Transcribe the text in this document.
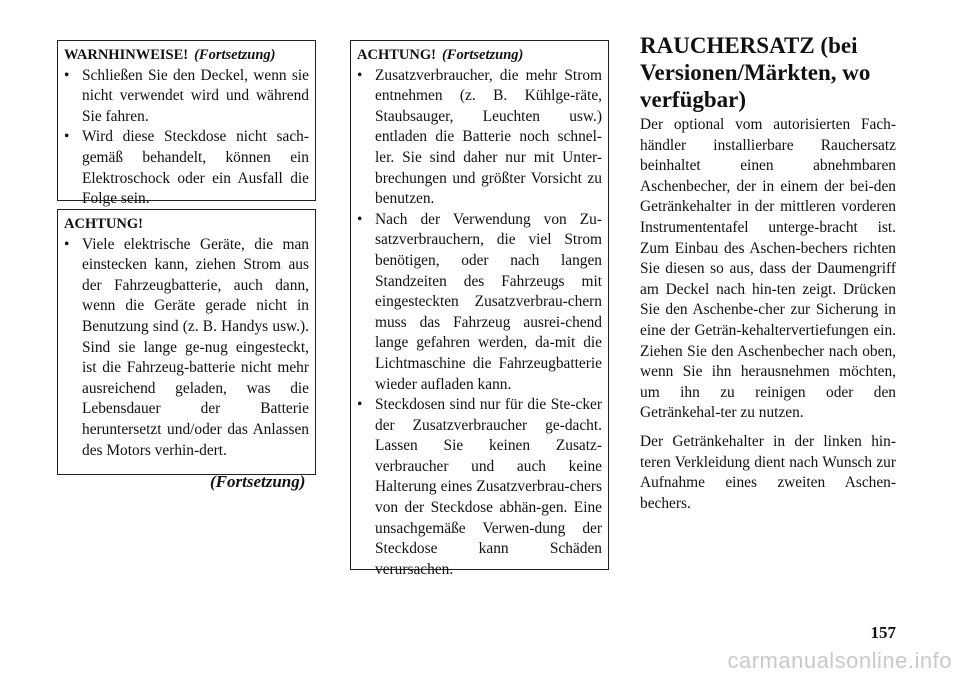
WARNHINWEISE! (Fortsetzung)
• Schließen Sie den Deckel, wenn sie nicht verwendet wird und während Sie fahren.
• Wird diese Steckdose nicht sach-gemäß behandelt, können ein Elektroschock oder ein Ausfall die Folge sein.
ACHTUNG!
• Viele elektrische Geräte, die man einstecken kann, ziehen Strom aus der Fahrzeugbatterie, auch dann, wenn die Geräte gerade nicht in Benutzung sind (z. B. Handys usw.). Sind sie lange ge-nug eingesteckt, ist die Fahrzeug-batterie nicht mehr ausreichend geladen, was die Lebensdauer der Batterie heruntersetzt und/oder das Anlassen des Motors verhin-dert.
(Fortsetzung)
ACHTUNG! (Fortsetzung)
• Zusatzverbraucher, die mehr Strom entnehmen (z. B. Kühlge-räte, Staubsauger, Leuchten usw.) entladen die Batterie noch schnel-ler. Sie sind daher nur mit Unter-brechungen und größter Vorsicht zu benutzen.
• Nach der Verwendung von Zu-satzverbrauchern, die viel Strom benötigen, oder nach langen Standzeiten des Fahrzeugs mit eingesteckten Zusatzverbrau-chern muss das Fahrzeug ausrei-chend lange gefahren werden, da-mit die Lichtmaschine die Fahrzeugbatterie wieder aufladen kann.
• Steckdosen sind nur für die Ste-cker der Zusatzverbraucher ge-dacht. Lassen Sie keinen Zusatz-verbraucher und auch keine Halterung eines Zusatzverbrau-chers von der Steckdose abhän-gen. Eine unsachgemäße Verwen-dung der Steckdose kann Schäden verursachen.
RAUCHERSATZ (bei
Versionen/Märkten, wo
verfügbar)

Der optional vom autorisierten Fach-händler installierbare Rauchersatz beinhaltet einen abnehmbaren Aschenbecher, der in einem der bei-den Getränkehalter in der mittleren vorderen Instrumententafel unterge-bracht ist. Zum Einbau des Aschen-bechers richten Sie diesen so aus, dass der Daumengriff am Deckel nach hin-ten zeigt. Drücken Sie den Aschenbe-cher zur Sicherung in eine der Geträn-kehaltervertiefungen ein. Ziehen Sie den Aschenbecher nach oben, wenn Sie ihn herausnehmen möchten, um ihn zu reinigen oder den Getränkehal-ter zu nutzen.

Der Getränkehalter in der linken hin-teren Verkleidung dient nach Wunsch zur Aufnahme eines zweiten Aschen-bechers.

157
carmanualsonline.info
